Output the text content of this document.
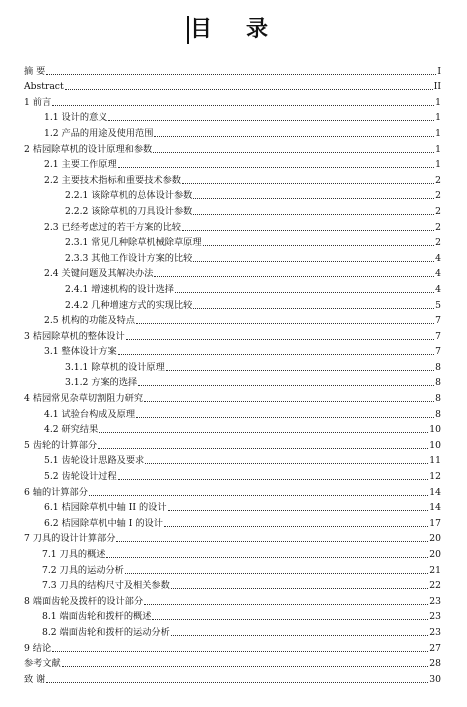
目录
摘 要	I
Abstract	II
1 前言	1
1.1 设计的意义	1
1.2 产品的用途及使用范围	1
2 桔园除草机的设计原理和参数	1
2.1 主要工作原理	1
2.2 主要技术指标和重要技术参数	2
2.2.1 该除草机的总体设计参数	2
2.2.2 该除草机的刀具设计参数	2
2.3 已经考虑过的若干方案的比较	2
2.3.1 常见几种除草机械除草原理	2
2.3.3 其他工作设计方案的比较	4
2.4 关键问题及其解决办法	4
2.4.1 增速机构的设计选择	4
2.4.2 几种增速方式的实现比较	5
2.5 机构的功能及特点	7
3 桔园除草机的整体设计	7
3.1 整体设计方案	7
3.1.1 除草机的设计原理	8
3.1.2 方案的选择	8
4 桔园常见杂草切割阻力研究	8
4.1 试验台构成及原理	8
4.2 研究结果	10
5 齿轮的计算部分	10
5.1 齿轮设计思路及要求	11
5.2 齿轮设计过程	12
6 轴的计算部分	14
6.1 桔园除草机中轴 II 的设计	14
6.2 桔园除草机中轴 I 的设计	17
7 刀具的设计计算部分	20
7.1 刀具的概述	20
7.2 刀具的运动分析	21
7.3 刀具的结构尺寸及相关参数	22
8 端面齿轮及拨杆的设计部分	23
8.1 端面齿轮和拨杆的概述	23
8.2 端面齿轮和拨杆的运动分析	23
9 结论	27
参考文献	28
致 谢	30
